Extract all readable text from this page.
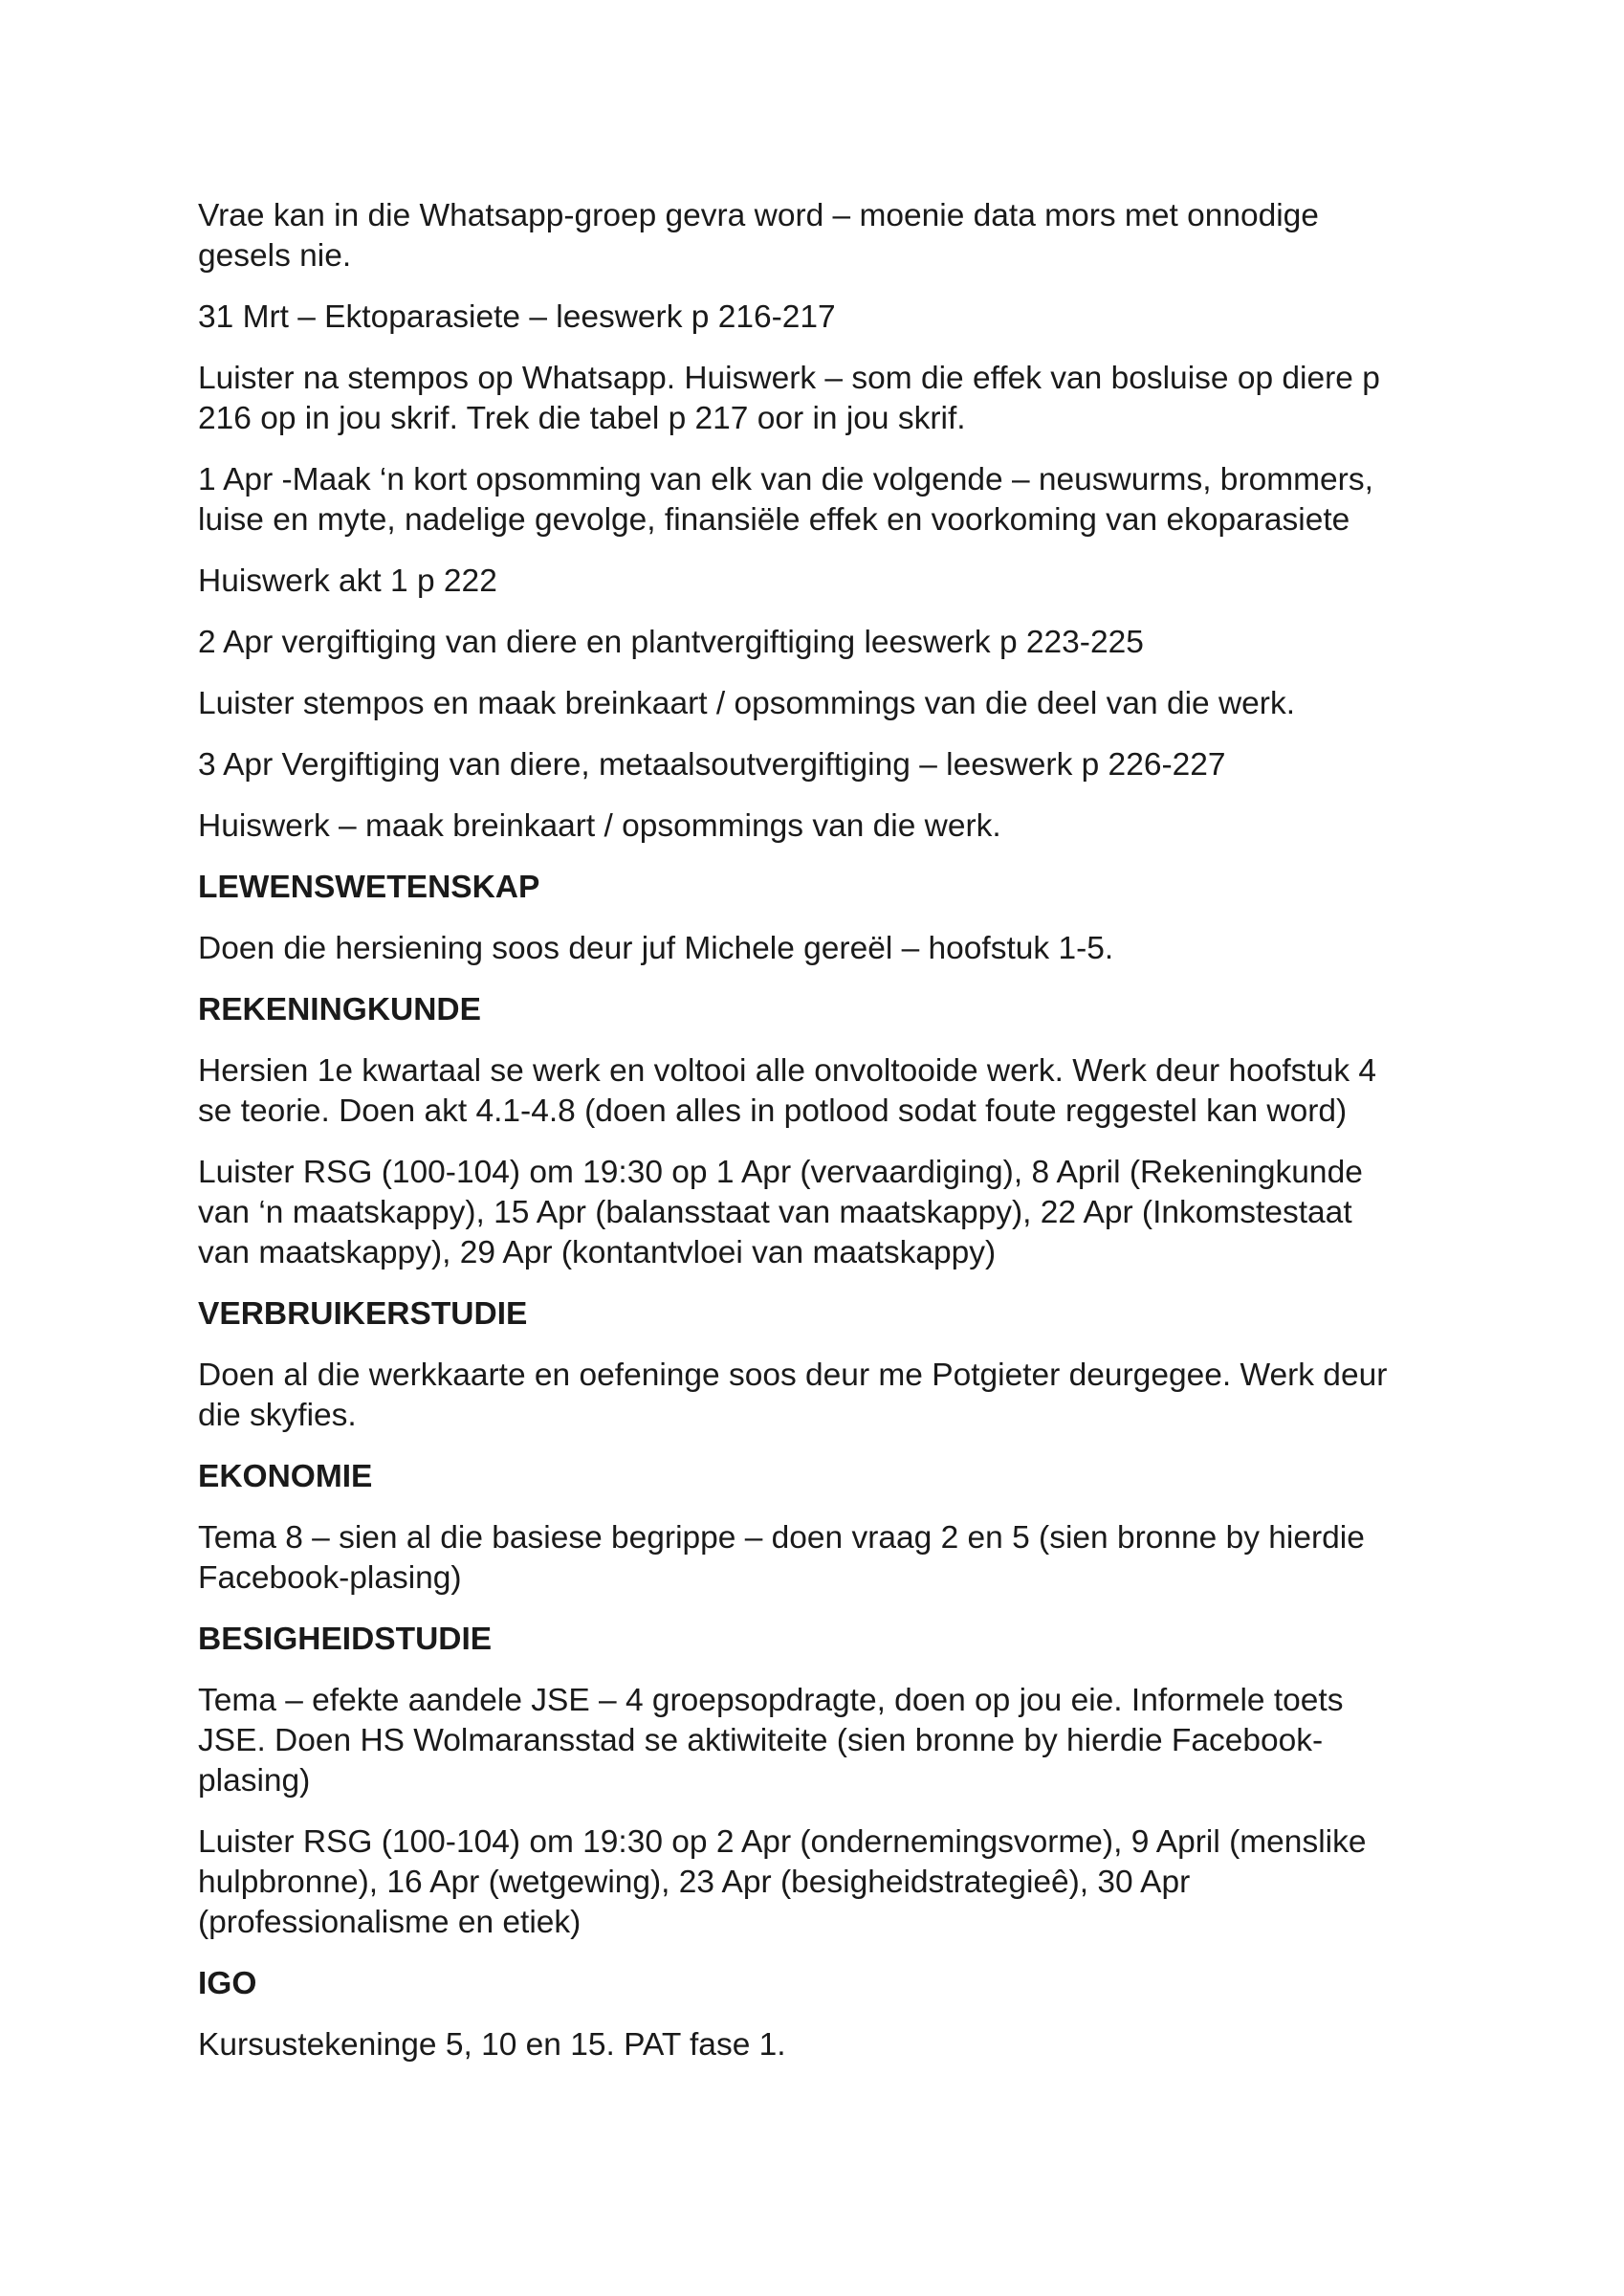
Vrae kan in die Whatsapp-groep gevra word – moenie data mors met onnodige
gesels nie.
31 Mrt – Ektoparasiete – leeswerk p 216-217
Luister na stempos op Whatsapp. Huiswerk – som die effek van bosluise op diere p
216 op in jou skrif. Trek die tabel p 217 oor in jou skrif.
1 Apr -Maak ‘n kort opsomming van elk van die volgende – neuswurms, brommers,
luise en myte, nadelige gevolge, finansiële effek en voorkoming van ekoparasiete
Huiswerk akt 1 p 222
2 Apr vergiftiging van diere en plantvergiftiging leeswerk p 223-225
Luister stempos en maak breinkaart / opsommings van die deel van die werk.
3 Apr Vergiftiging van diere, metaalsoutvergiftiging – leeswerk p 226-227
Huiswerk – maak breinkaart / opsommings van die werk.
LEWENSWETENSKAP
Doen die hersiening soos deur juf Michele gereël – hoofstuk 1-5.
REKENINGKUNDE
Hersien 1e kwartaal se werk en voltooi alle onvoltooide werk. Werk deur hoofstuk 4
se teorie. Doen akt 4.1-4.8 (doen alles in potlood sodat foute reggestel kan word)
Luister RSG (100-104) om 19:30 op 1 Apr (vervaardiging), 8 April (Rekeningkunde
van ‘n maatskappy), 15 Apr (balansstaat van maatskappy), 22 Apr (Inkomstestaat
van maatskappy), 29 Apr (kontantvloei van maatskappy)
VERBRUIKERSTUDIE
Doen al die werkkaarte en oefeninge soos deur me Potgieter deurgegee. Werk deur
die skyfies.
EKONOMIE
Tema 8 – sien al die basiese begrippe – doen vraag 2 en 5 (sien bronne by hierdie
Facebook-plasing)
BESIGHEIDSTUDIE
Tema – efekte aandele JSE – 4 groepsopdragte, doen op jou eie. Informele toets
JSE. Doen HS Wolmaransstad se aktiwiteite (sien bronne by hierdie Facebook-
plasing)
Luister RSG (100-104) om 19:30 op 2 Apr (ondernemingsvorme), 9 April (menslike
hulpbronne), 16 Apr (wetgewing), 23 Apr (besigheidstrategieê), 30 Apr
(professionalisme en etiek)
IGO
Kursustekeninge 5, 10 en 15. PAT fase 1.
